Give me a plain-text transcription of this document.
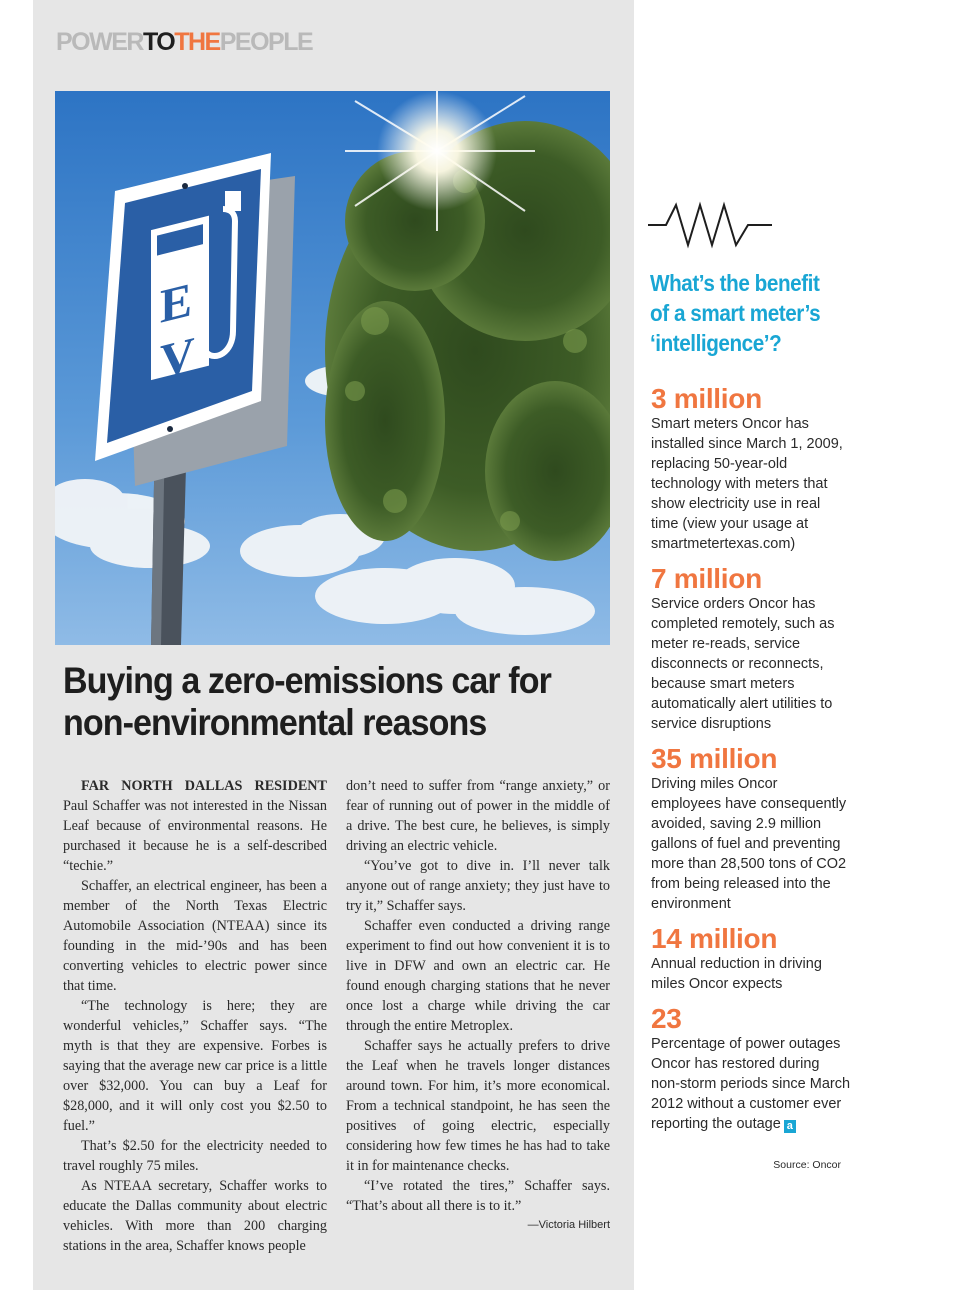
POWERTOTHEPEOPLE
E
V
Buying a zero-emissions car for non-environmental reasons

FAR NORTH DALLAS RESIDENT Paul Schaffer was not interested in the Nissan Leaf because of environmental reasons. He purchased it because he is a self-described “techie.”

Schaffer, an electrical engineer, has been a member of the North Texas Electric Automobile Association (NTEAA) since its founding in the mid-’90s and has been converting vehicles to electric power since that time.

“The technology is here; they are wonderful vehicles,” Schaffer says. “The myth is that they are expensive. Forbes is saying that the average new car price is a little over $32,000. You can buy a Leaf for $28,000, and it will only cost you $2.50 to fuel.”

That’s $2.50 for the electricity needed to travel roughly 75 miles.

As NTEAA secretary, Schaffer works to educate the Dallas community about electric vehicles. With more than 200 charging stations in the area, Schaffer knows people

don’t need to suffer from “range anxiety,” or fear of running out of power in the middle of a drive. The best cure, he believes, is simply driving an electric vehicle.

“You’ve got to dive in. I’ll never talk anyone out of range anxiety; they just have to try it,” Schaffer says.

Schaffer even conducted a driving range experiment to find out how convenient it is to live in DFW and own an electric car. He found enough charging stations that he never once lost a charge while driving the car through the entire Metroplex.

Schaffer says he actually prefers to drive the Leaf when he travels longer distances around town. For him, it’s more economical. From a technical standpoint, he has seen the positives of going electric, especially considering how few times he has had to take it in for maintenance checks.

“I’ve rotated the tires,” Schaffer says. “That’s about all there is to it.”

—Victoria Hilbert
What’s the benefit of a smart meter’s ‘intelligence’?
3 million
Smart meters Oncor has installed since March 1, 2009, replacing 50-year-old technology with meters that show electricity use in real time (view your usage at smartmetertexas.com)
7 million
Service orders Oncor has completed remotely, such as meter re-reads, service disconnects or reconnects, because smart meters automatically alert utilities to service disruptions
35 million
Driving miles Oncor employees have consequently avoided, saving 2.9 million gallons of fuel and preventing more than 28,500 tons of CO2 from being released into the environment
14 million
Annual reduction in driving miles Oncor expects
23
Percentage of power outages Oncor has restored during non-storm periods since March 2012 without a customer ever reporting the outage a
Source: Oncor
